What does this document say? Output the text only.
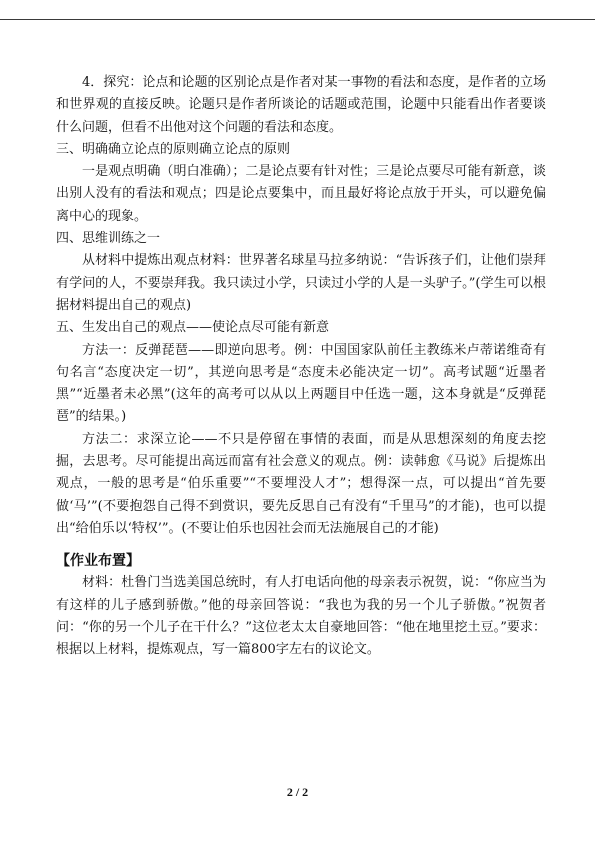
4．探究：论点和论题的区别论点是作者对某一事物的看法和态度，是作者的立场和世界观的直接反映。论题只是作者所谈论的话题或范围，论题中只能看出作者要谈什么问题，但看不出他对这个问题的看法和态度。

三、明确确立论点的原则确立论点的原则

一是观点明确（明白准确）；二是论点要有针对性；三是论点要尽可能有新意，谈出别人没有的看法和观点；四是论点要集中，而且最好将论点放于开头，可以避免偏离中心的现象。

四、思维训练之一

从材料中提炼出观点材料：世界著名球星马拉多纳说：“告诉孩子们，让他们崇拜有学问的人，不要崇拜我。我只读过小学，只读过小学的人是一头驴子。”(学生可以根据材料提出自己的观点)

五、生发出自己的观点——使论点尽可能有新意

方法一：反弹琵琶——即逆向思考。例：中国国家队前任主教练米卢蒂诺维奇有句名言“态度决定一切”，其逆向思考是“态度未必能决定一切”。高考试题“近墨者黑”“近墨者未必黑”(这年的高考可以从以上两题目中任选一题，这本身就是“反弹琵琶”的结果。)

方法二：求深立论——不只是停留在事情的表面，而是从思想深刻的角度去挖掘，去思考。尽可能提出高远而富有社会意义的观点。例：读韩愈《马说》后提炼出观点，一般的思考是“伯乐重要”“不要埋没人才”；想得深一点，可以提出“首先要做‘马’”(不要抱怨自己得不到赏识，要先反思自己有没有“千里马”的才能)，也可以提出“给伯乐以‘特权’”。(不要让伯乐也因社会而无法施展自己的才能)

【作业布置】

材料：杜鲁门当选美国总统时，有人打电话向他的母亲表示祝贺，说：“你应当为有这样的儿子感到骄傲。”他的母亲回答说：“我也为我的另一个儿子骄傲。”祝贺者问：“你的另一个儿子在干什么？”这位老太太自豪地回答：“他在地里挖土豆。”要求：根据以上材料，提炼观点，写一篇800字左右的议论文。

2 / 2
